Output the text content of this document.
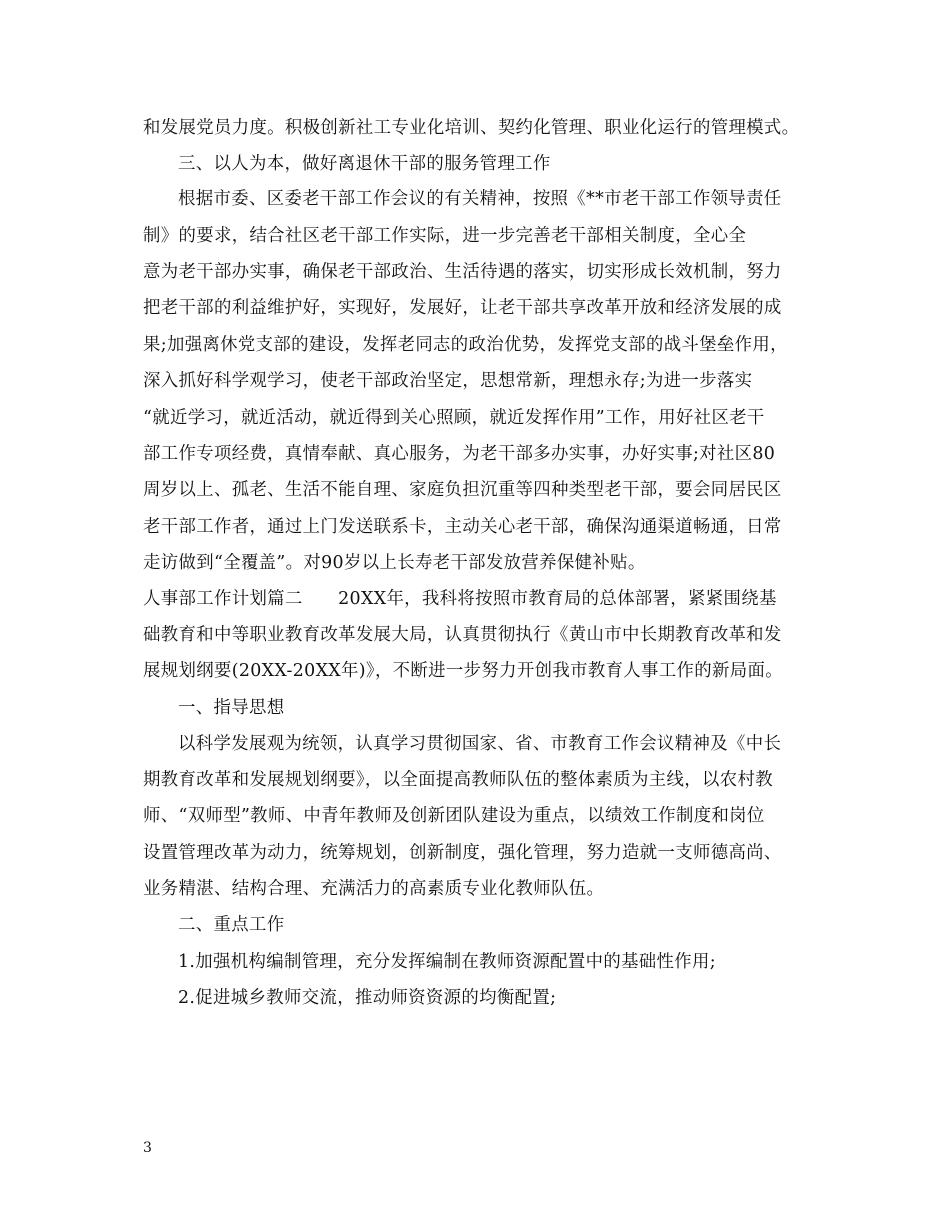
和发展党员力度。积极创新社工专业化培训、契约化管理、职业化运行的管理模式。
三、以人为本，做好离退休干部的服务管理工作
根据市委、区委老干部工作会议的有关精神，按照《**市老干部工作领导责任
制》的要求，结合社区老干部工作实际，进一步完善老干部相关制度，全心全
意为老干部办实事，确保老干部政治、生活待遇的落实，切实形成长效机制，努力
把老干部的利益维护好，实现好，发展好，让老干部共享改革开放和经济发展的成
果;加强离休党支部的建设，发挥老同志的政治优势，发挥党支部的战斗堡垒作用，
深入抓好科学观学习，使老干部政治坚定，思想常新，理想永存;为进一步落实
“就近学习，就近活动，就近得到关心照顾，就近发挥作用”工作，用好社区老干
部工作专项经费，真情奉献、真心服务，为老干部多办实事，办好实事;对社区80
周岁以上、孤老、生活不能自理、家庭负担沉重等四种类型老干部，要会同居民区
老干部工作者，通过上门发送联系卡，主动关心老干部，确保沟通渠道畅通，日常
走访做到“全覆盖”。对90岁以上长寿老干部发放营养保健补贴。
人事部工作计划篇二　　20XX年，我科将按照市教育局的总体部署，紧紧围绕基
础教育和中等职业教育改革发展大局，认真贯彻执行《黄山市中长期教育改革和发
展规划纲要(20XX-20XX年)》，不断进一步努力开创我市教育人事工作的新局面。
一、指导思想
以科学发展观为统领，认真学习贯彻国家、省、市教育工作会议精神及《中长
期教育改革和发展规划纲要》，以全面提高教师队伍的整体素质为主线，以农村教
师、“双师型”教师、中青年教师及创新团队建设为重点，以绩效工作制度和岗位
设置管理改革为动力，统筹规划，创新制度，强化管理，努力造就一支师德高尚、
业务精湛、结构合理、充满活力的高素质专业化教师队伍。
二、重点工作
1.加强机构编制管理，充分发挥编制在教师资源配置中的基础性作用;
2.促进城乡教师交流，推动师资资源的均衡配置;
3
